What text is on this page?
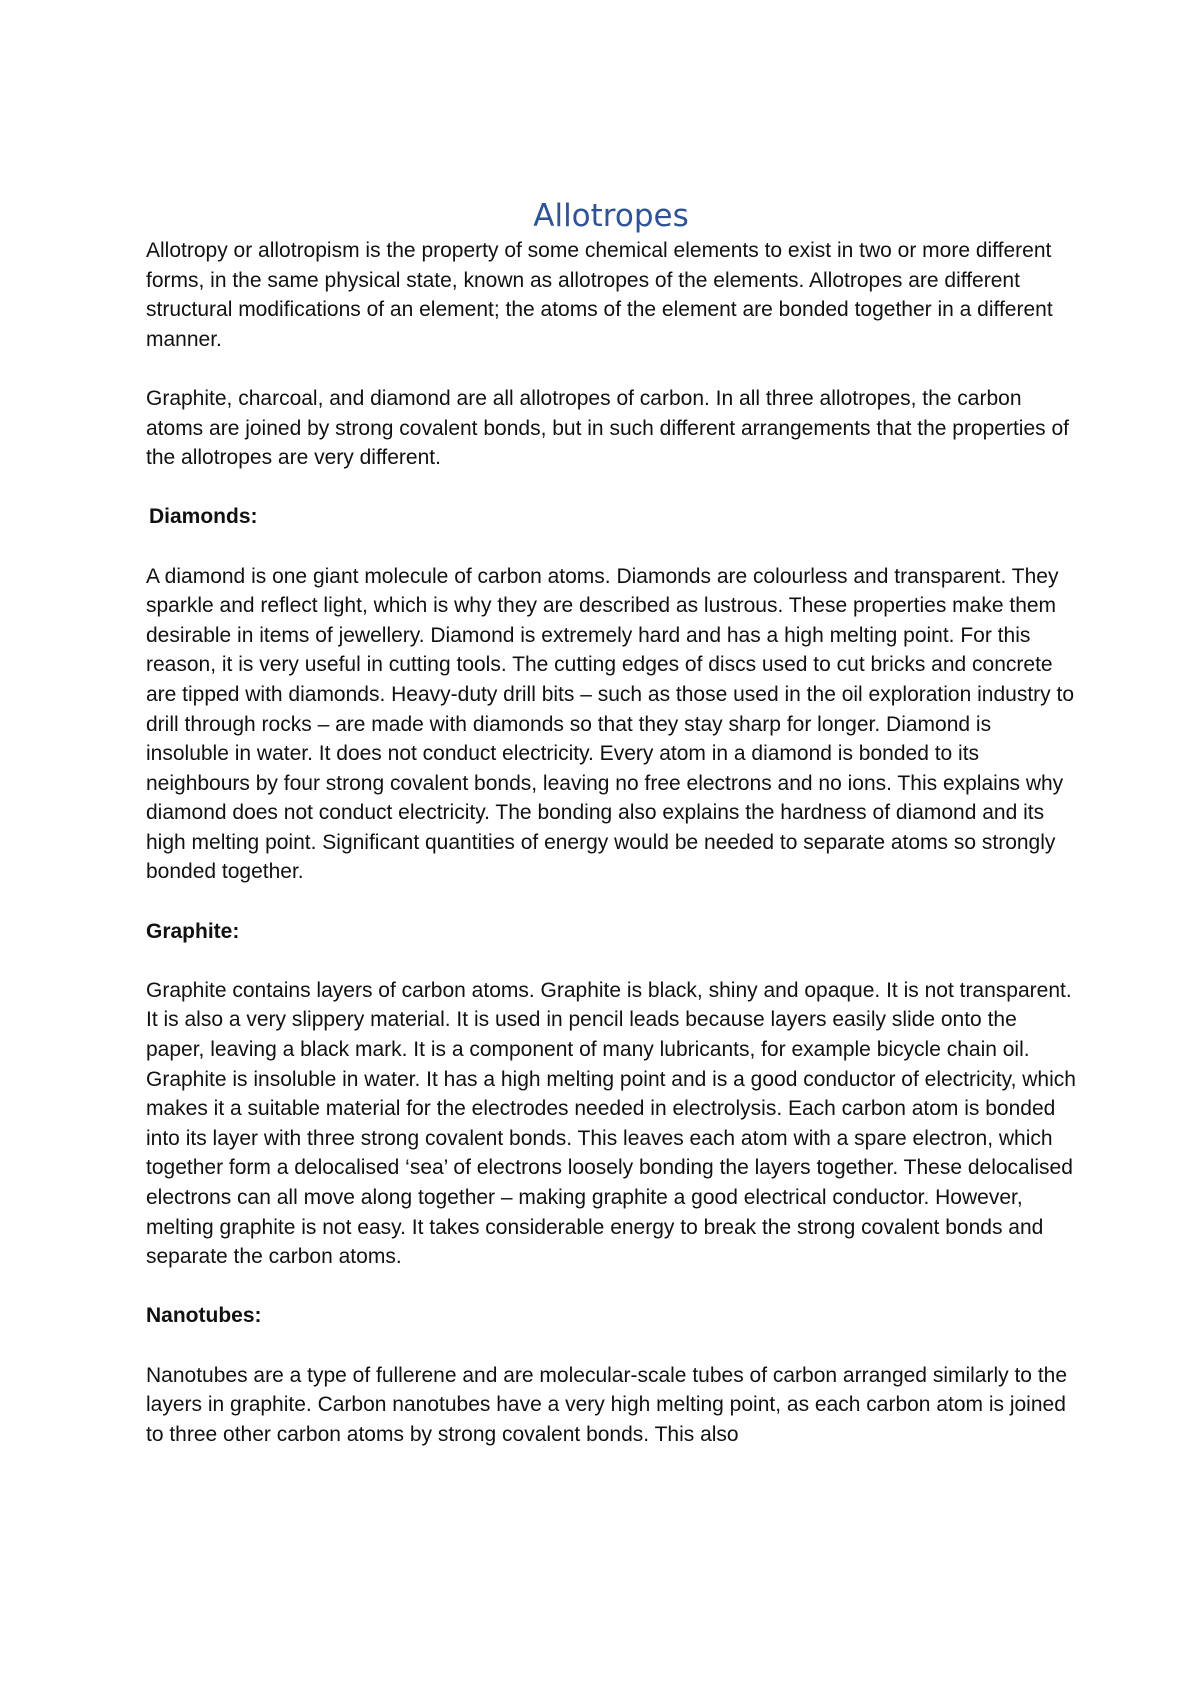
Allotropes

Allotropy or allotropism is the property of some chemical elements to exist in two or more different forms, in the same physical state, known as allotropes of the elements. Allotropes are different structural modifications of an element; the atoms of the element are bonded together in a different manner.

Graphite, charcoal, and diamond are all allotropes of carbon. In all three allotropes, the carbon atoms are joined by strong covalent bonds, but in such different arrangements that the properties of the allotropes are very different.

Diamonds:

A diamond is one giant molecule of carbon atoms. Diamonds are colourless and transparent. They sparkle and reflect light, which is why they are described as lustrous. These properties make them desirable in items of jewellery. Diamond is extremely hard and has a high melting point. For this reason, it is very useful in cutting tools. The cutting edges of discs used to cut bricks and concrete are tipped with diamonds. Heavy-duty drill bits – such as those used in the oil exploration industry to drill through rocks – are made with diamonds so that they stay sharp for longer. Diamond is insoluble in water. It does not conduct electricity. Every atom in a diamond is bonded to its neighbours by four strong covalent bonds, leaving no free electrons and no ions. This explains why diamond does not conduct electricity. The bonding also explains the hardness of diamond and its high melting point. Significant quantities of energy would be needed to separate atoms so strongly bonded together.

Graphite:

Graphite contains layers of carbon atoms. Graphite is black, shiny and opaque. It is not transparent. It is also a very slippery material. It is used in pencil leads because layers easily slide onto the paper, leaving a black mark. It is a component of many lubricants, for example bicycle chain oil. Graphite is insoluble in water. It has a high melting point and is a good conductor of electricity, which makes it a suitable material for the electrodes needed in electrolysis. Each carbon atom is bonded into its layer with three strong covalent bonds. This leaves each atom with a spare electron, which together form a delocalised ‘sea’ of electrons loosely bonding the layers together. These delocalised electrons can all move along together – making graphite a good electrical conductor. However, melting graphite is not easy. It takes considerable energy to break the strong covalent bonds and separate the carbon atoms.

Nanotubes:

Nanotubes are a type of fullerene and are molecular-scale tubes of carbon arranged similarly to the layers in graphite. Carbon nanotubes have a very high melting point, as each carbon atom is joined to three other carbon atoms by strong covalent bonds. This also
